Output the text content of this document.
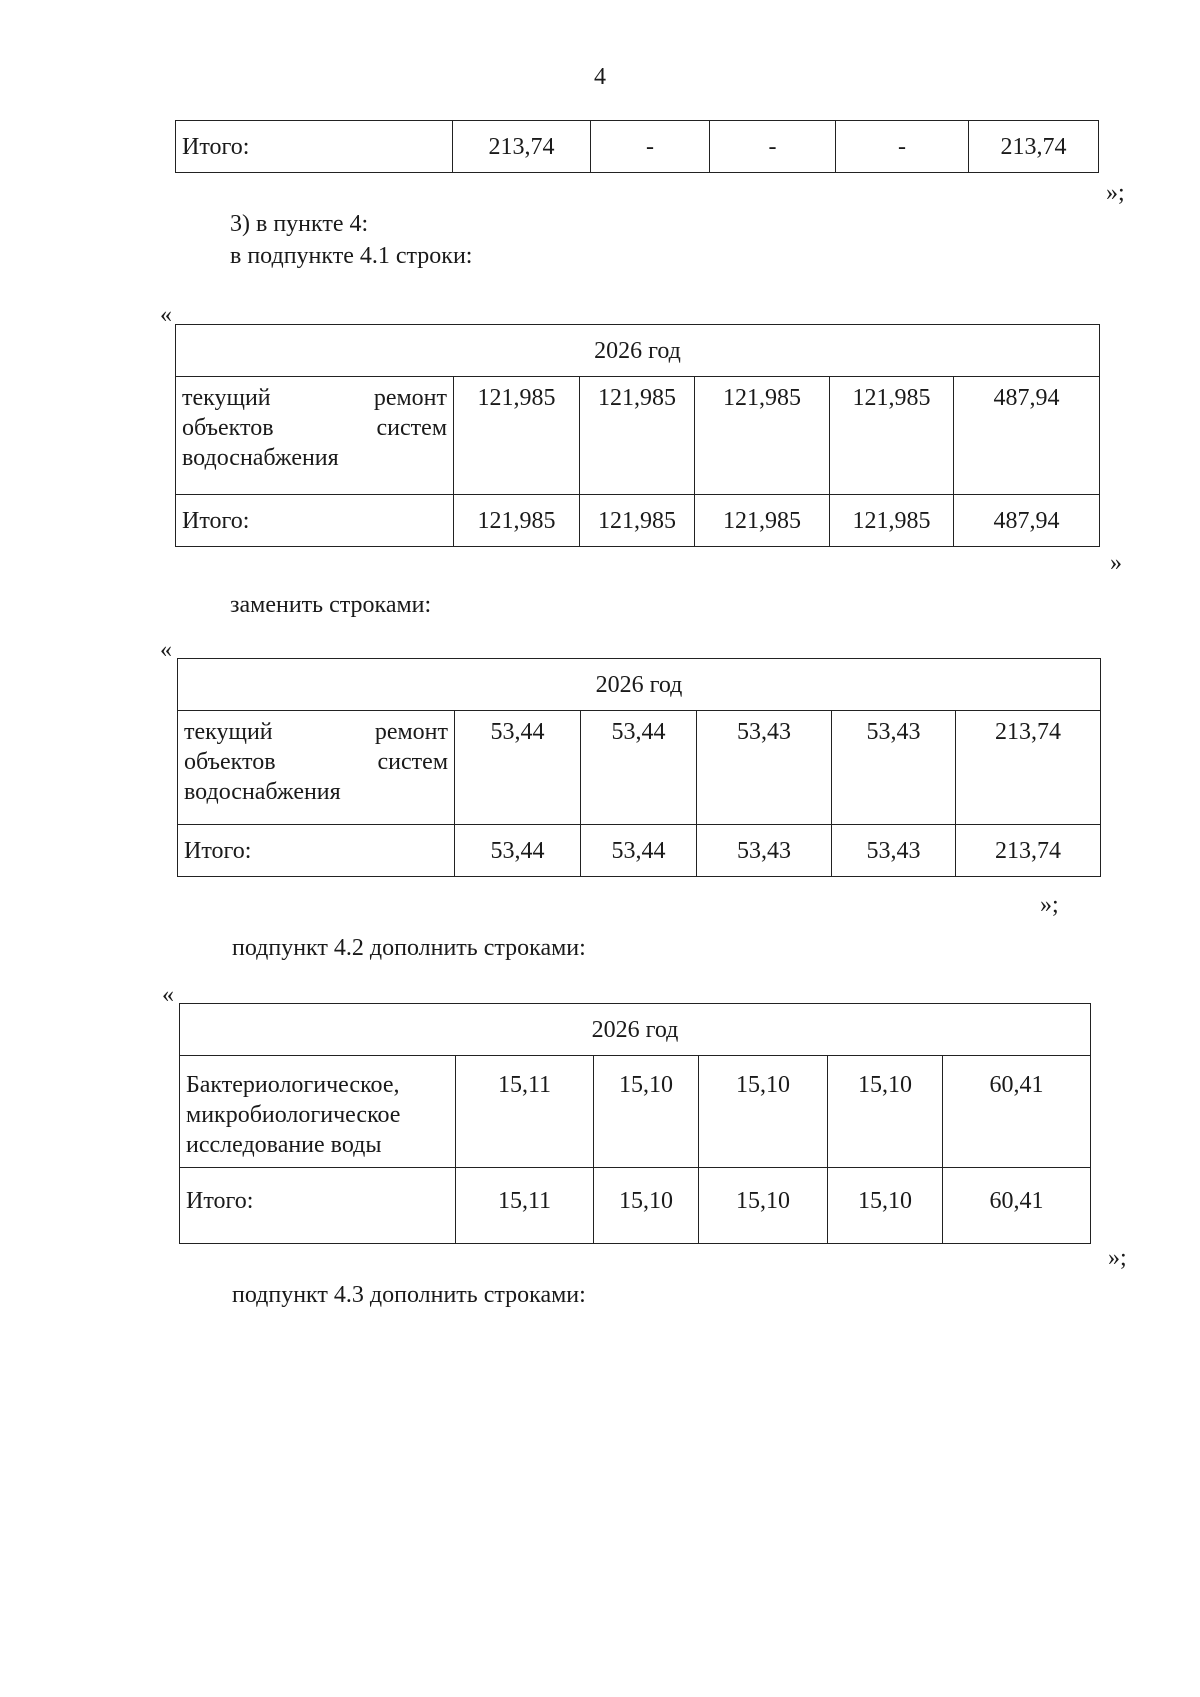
4
Итого:	213,74	-	-	-	213,74
»;
3) в пункте 4:
в подпункте 4.1 строки:
«
2026 год					

текущий ремонт
объектов систем
водоснабжения	121,985	121,985	121,985	121,985	487,94
Итого:	121,985	121,985	121,985	121,985	487,94
»
заменить строками:
«
2026 год					

текущий ремонт
объектов систем
водоснабжения	53,44	53,44	53,43	53,43	213,74
Итого:	53,44	53,44	53,43	53,43	213,74
»;
подпункт 4.2 дополнить строками:
«
2026 год					

Бактериологическое,
микробиологическое
исследование воды	15,11	15,10	15,10	15,10	60,41
Итого:	15,11	15,10	15,10	15,10	60,41
»;
подпункт 4.3 дополнить строками:
